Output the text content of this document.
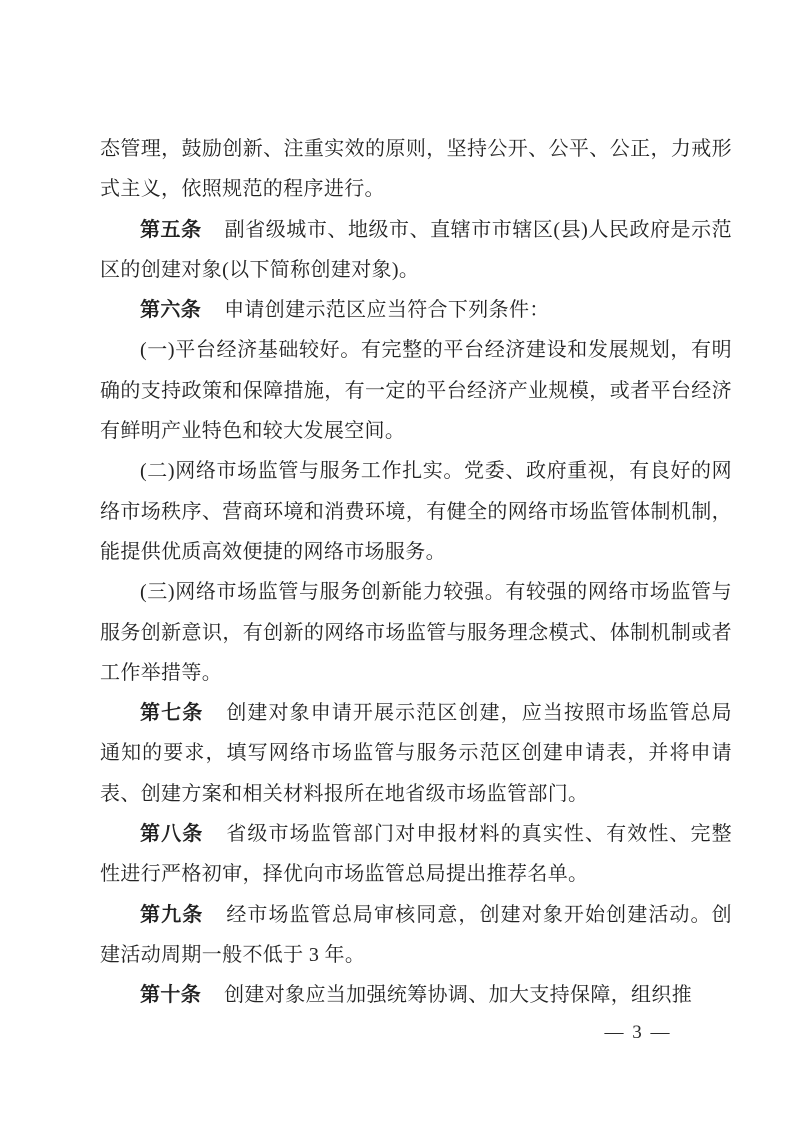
态管理，鼓励创新、注重实效的原则，坚持公开、公平、公正，力戒形式主义，依照规范的程序进行。

第五条 副省级城市、地级市、直辖市市辖区(县)人民政府是示范区的创建对象(以下简称创建对象)。

第六条 申请创建示范区应当符合下列条件：

(一)平台经济基础较好。有完整的平台经济建设和发展规划，有明确的支持政策和保障措施，有一定的平台经济产业规模，或者平台经济有鲜明产业特色和较大发展空间。

(二)网络市场监管与服务工作扎实。党委、政府重视，有良好的网络市场秩序、营商环境和消费环境，有健全的网络市场监管体制机制，能提供优质高效便捷的网络市场服务。

(三)网络市场监管与服务创新能力较强。有较强的网络市场监管与服务创新意识，有创新的网络市场监管与服务理念模式、体制机制或者工作举措等。

第七条 创建对象申请开展示范区创建，应当按照市场监管总局通知的要求，填写网络市场监管与服务示范区创建申请表，并将申请表、创建方案和相关材料报所在地省级市场监管部门。

第八条 省级市场监管部门对申报材料的真实性、有效性、完整性进行严格初审，择优向市场监管总局提出推荐名单。

第九条 经市场监管总局审核同意，创建对象开始创建活动。创建活动周期一般不低于 3 年。

第十条 创建对象应当加强统筹协调、加大支持保障，组织推

— 3 —
